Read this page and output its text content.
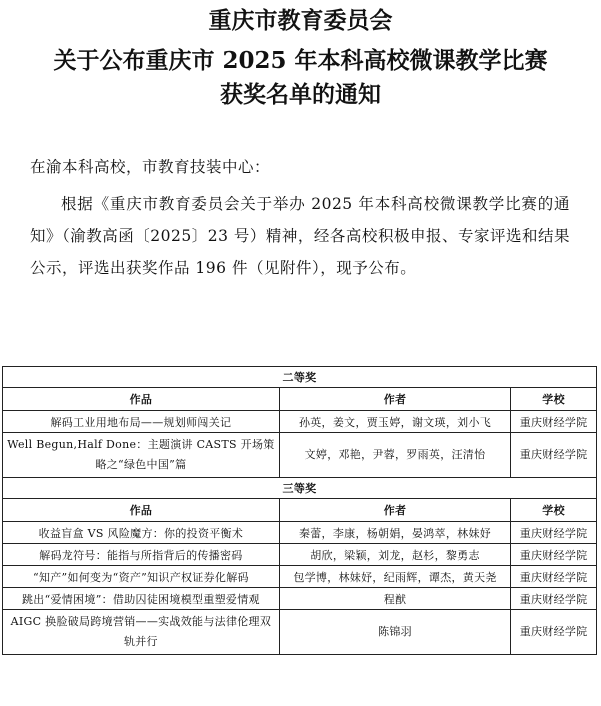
重庆市教育委员会
关于公布重庆市 2025 年本科高校微课教学比赛
获奖名单的通知
在渝本科高校，市教育技装中心：
根据《重庆市教育委员会关于举办 2025 年本科高校微课教学比赛的通知》（渝教高函〔2025〕23 号）精神，经各高校积极申报、专家评选和结果公示，评选出获奖作品 196 件（见附件），现予公布。
二等奖		
作品	作者	学校
解码工业用地布局——规划师闯关记	孙英，姜文，贾玉婷，谢文瑛，刘小飞	重庆财经学院
Well Begun,Half Done：主题演讲 CASTS 开场策略之“绿色中国”篇	文婷，邓艳，尹蓉，罗雨英，汪清怡	重庆财经学院
三等奖		
作品	作者	学校
收益盲盒 VS 风险魔方：你的投资平衡术	秦蕾，李康，杨朝娟，晏鸿萃，林妹妤	重庆财经学院
解码龙符号：能指与所指背后的传播密码	胡欣，梁颖，刘龙，赵杉，黎勇志	重庆财经学院
“知产”如何变为“资产”知识产权证券化解码	包学博，林妹妤，纪雨辉，谭杰，黄天尧	重庆财经学院
跳出“爱情困境”：借助囚徒困境模型重塑爱情观	程猷	重庆财经学院
AIGC 换脸破局跨境营销——实战效能与法律伦理双轨并行	陈锦羽	重庆财经学院
